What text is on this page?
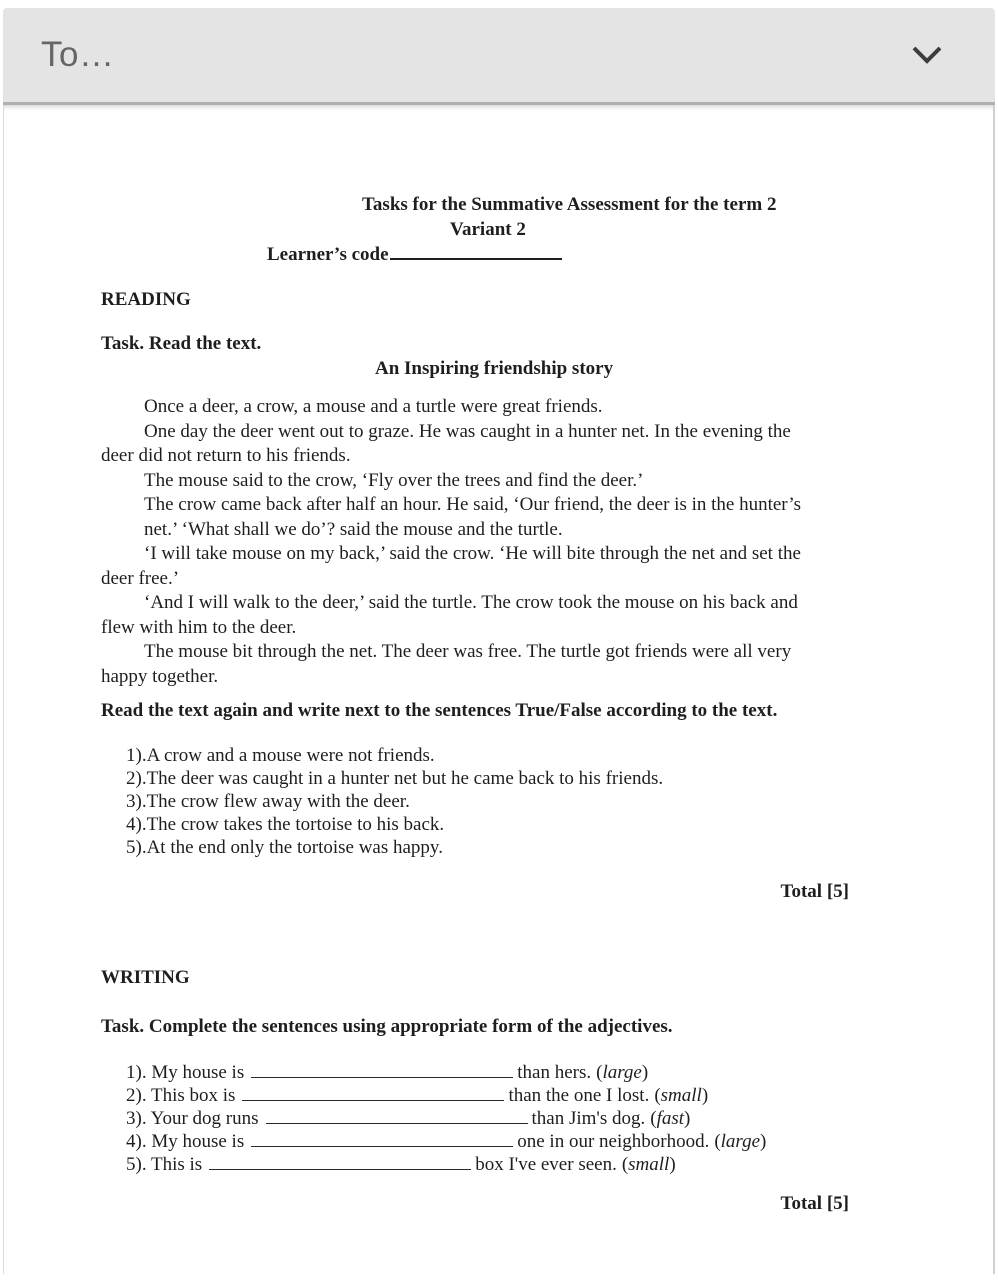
To…
Tasks for the Summative Assessment for the term 2
Variant 2
Learner’s code
READING
Task. Read the text.
An Inspiring friendship story
Once a deer, a crow, a mouse and a turtle were great friends.
One day the deer went out to graze. He was caught in a hunter net. In the evening the
deer did not return to his friends.
The mouse said to the crow, ‘Fly over the trees and find the deer.’
The crow came back after half an hour. He said, ‘Our friend, the deer is in the hunter’s
net.’ ‘What shall we do’? said the mouse and the turtle.
‘I will take mouse on my back,’ said the crow. ‘He will bite through the net and set the
deer free.’
‘And I will walk to the deer,’ said the turtle. The crow took the mouse on his back and
flew with him to the deer.
The mouse bit through the net. The deer was free. The turtle got friends were all very
happy together.
Read the text again and write next to the sentences True/False according to the text.
1).A crow and a mouse were not friends.
2).The deer was caught in a hunter net but he came back to his friends.
3).The crow flew away with the deer.
4).The crow takes the tortoise to his back.
5).At the end only the tortoise was happy.
Total [5]
WRITING
Task. Complete the sentences using appropriate form of the adjectives.
1). My house is	than hers. ( large )
2). This box is	than the one I lost. ( small )
3). Your dog runs	than Jim's dog. ( fast )
4). My house is	one in our neighborhood. ( large )
5). This is	box I've ever seen. ( small )
Total [5]
